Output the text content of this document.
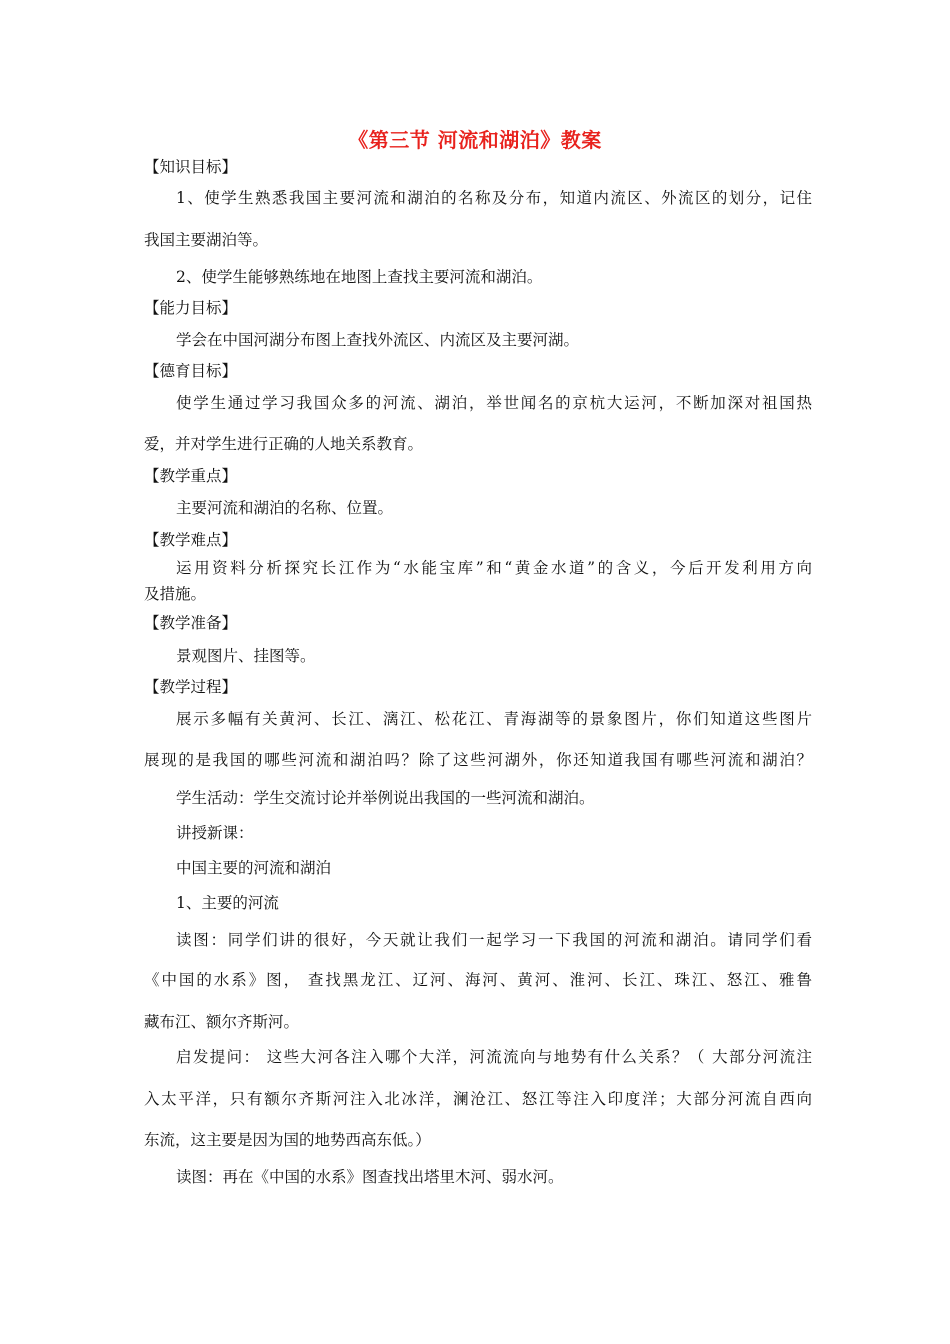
《第三节 河流和湖泊》教案
【知识目标】
1、使学生熟悉我国主要河流和湖泊的名称及分布，知道内流区、外流区的划分，记住
我国主要湖泊等。
2、使学生能够熟练地在地图上查找主要河流和湖泊。
【能力目标】
学会在中国河湖分布图上查找外流区、内流区及主要河湖。
【德育目标】
使学生通过学习我国众多的河流、湖泊，举世闻名的京杭大运河，不断加深对祖国热
爱，并对学生进行正确的人地关系教育。
【教学重点】
主要河流和湖泊的名称、位置。
【教学难点】
运用资料分析探究长江作为“水能宝库”和“黄金水道”的含义，今后开发利用方向
及措施。
【教学准备】
景观图片、挂图等。
【教学过程】
展示多幅有关黄河、长江、漓江、松花江、青海湖等的景象图片，你们知道这些图片
展现的是我国的哪些河流和湖泊吗？除了这些河湖外，你还知道我国有哪些河流和湖泊？
学生活动：学生交流讨论并举例说出我国的一些河流和湖泊。
讲授新课：
中国主要的河流和湖泊
1、主要的河流
读图：同学们讲的很好，今天就让我们一起学习一下我国的河流和湖泊。请同学们看
《中国的水系》图， 查找黑龙江、辽河、海河、黄河、淮河、长江、珠江、怒江、雅鲁
藏布江、额尔齐斯河。
启发提问： 这些大河各注入哪个大洋，河流流向与地势有什么关系？（ 大部分河流注
入太平洋，只有额尔齐斯河注入北冰洋，澜沧江、怒江等注入印度洋；大部分河流自西向
东流，这主要是因为国的地势西高东低。）
读图：再在《中国的水系》图查找出塔里木河、弱水河。
